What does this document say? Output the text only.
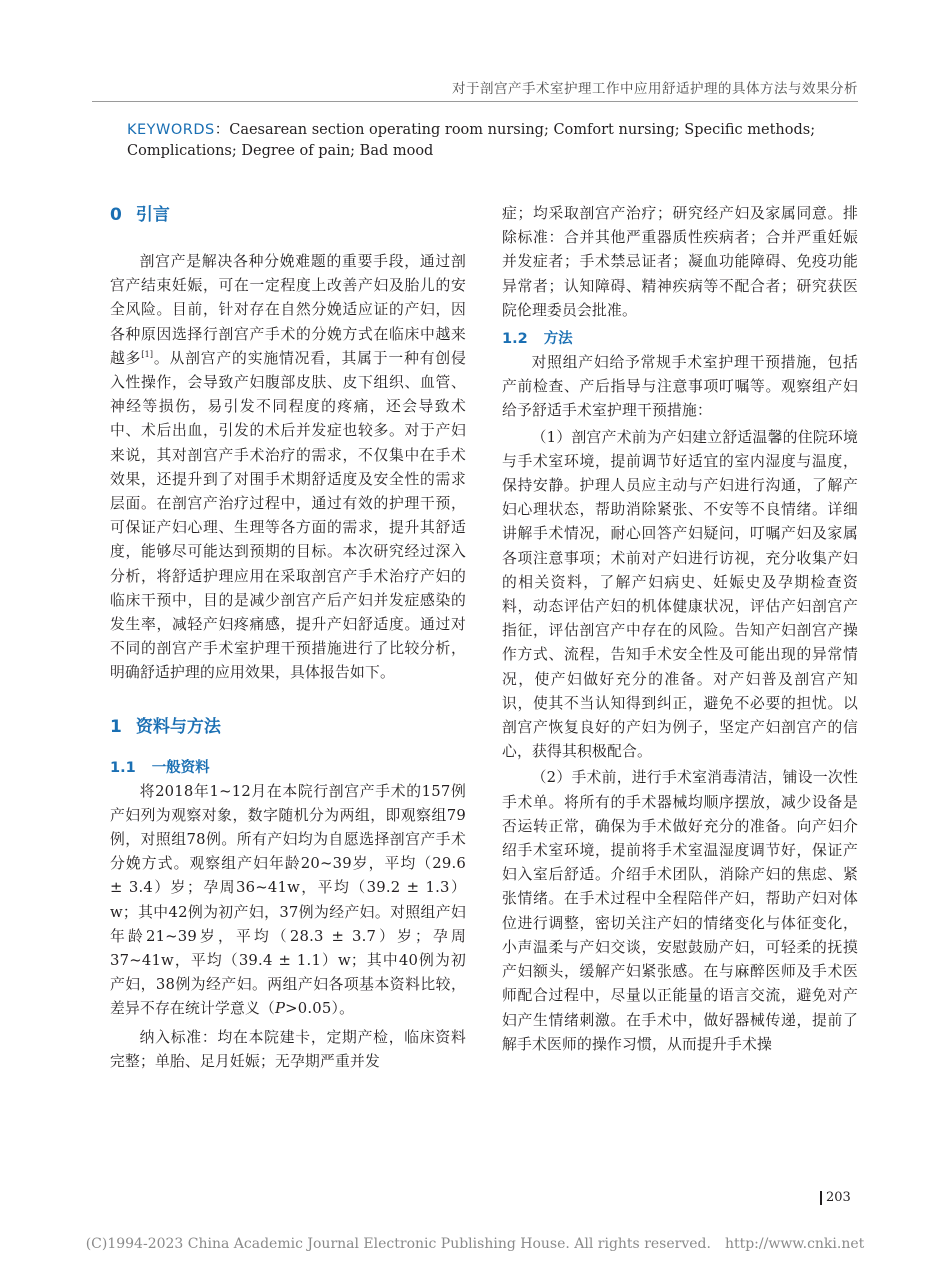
对于剖宫产手术室护理工作中应用舒适护理的具体方法与效果分析
KEYWORDS：Caesarean section operating room nursing; Comfort nursing; Specific methods; Complications; Degree of pain; Bad mood
0 引言

剖宫产是解决各种分娩难题的重要手段，通过剖宫产结束妊娠，可在一定程度上改善产妇及胎儿的安全风险。目前，针对存在自然分娩适应证的产妇，因各种原因选择行剖宫产手术的分娩方式在临床中越来越多[1]。从剖宫产的实施情况看，其属于一种有创侵入性操作，会导致产妇腹部皮肤、皮下组织、血管、神经等损伤，易引发不同程度的疼痛，还会导致术中、术后出血，引发的术后并发症也较多。对于产妇来说，其对剖宫产手术治疗的需求，不仅集中在手术效果，还提升到了对围手术期舒适度及安全性的需求层面。在剖宫产治疗过程中，通过有效的护理干预，可保证产妇心理、生理等各方面的需求，提升其舒适度，能够尽可能达到预期的目标。本次研究经过深入分析，将舒适护理应用在采取剖宫产手术治疗产妇的临床干预中，目的是减少剖宫产后产妇并发症感染的发生率，减轻产妇疼痛感，提升产妇舒适度。通过对不同的剖宫产手术室护理干预措施进行了比较分析，明确舒适护理的应用效果，具体报告如下。

1 资料与方法
1.1 一般资料

将2018年1~12月在本院行剖宫产手术的157例产妇列为观察对象，数字随机分为两组，即观察组79例，对照组78例。所有产妇均为自愿选择剖宫产手术分娩方式。观察组产妇年龄20~39岁，平均（29.6 ± 3.4）岁；孕周36~41w，平均（39.2 ± 1.3）w；其中42例为初产妇，37例为经产妇。对照组产妇年龄21~39岁，平均（28.3 ± 3.7）岁；孕周37~41w，平均（39.4 ± 1.1）w；其中40例为初产妇，38例为经产妇。两组产妇各项基本资料比较，差异不存在统计学意义（P>0.05）。

纳入标准：均在本院建卡，定期产检，临床资料完整；单胎、足月妊娠；无孕期严重并发

症；均采取剖宫产治疗；研究经产妇及家属同意。排除标准：合并其他严重器质性疾病者；合并严重妊娠并发症者；手术禁忌证者；凝血功能障碍、免疫功能异常者；认知障碍、精神疾病等不配合者；研究获医院伦理委员会批准。

1.2 方法

对照组产妇给予常规手术室护理干预措施，包括产前检查、产后指导与注意事项叮嘱等。观察组产妇给予舒适手术室护理干预措施：

（1）剖宫产术前为产妇建立舒适温馨的住院环境与手术室环境，提前调节好适宜的室内湿度与温度，保持安静。护理人员应主动与产妇进行沟通，了解产妇心理状态，帮助消除紧张、不安等不良情绪。详细讲解手术情况，耐心回答产妇疑问，叮嘱产妇及家属各项注意事项；术前对产妇进行访视，充分收集产妇的相关资料，了解产妇病史、妊娠史及孕期检查资料，动态评估产妇的机体健康状况，评估产妇剖宫产指征，评估剖宫产中存在的风险。告知产妇剖宫产操作方式、流程，告知手术安全性及可能出现的异常情况，使产妇做好充分的准备。对产妇普及剖宫产知识，使其不当认知得到纠正，避免不必要的担忧。以剖宫产恢复良好的产妇为例子，坚定产妇剖宫产的信心，获得其积极配合。

（2）手术前，进行手术室消毒清洁，铺设一次性手术单。将所有的手术器械均顺序摆放，减少设备是否运转正常，确保为手术做好充分的准备。向产妇介绍手术室环境，提前将手术室温湿度调节好，保证产妇入室后舒适。介绍手术团队，消除产妇的焦虑、紧张情绪。在手术过程中全程陪伴产妇，帮助产妇对体位进行调整，密切关注产妇的情绪变化与体征变化，小声温柔与产妇交谈，安慰鼓励产妇，可轻柔的抚摸产妇额头，缓解产妇紧张感。在与麻醉医师及手术医师配合过程中，尽量以正能量的语言交流，避免对产妇产生情绪刺激。在手术中，做好器械传递，提前了解手术医师的操作习惯，从而提升手术操

203
(C)1994-2023 China Academic Journal Electronic Publishing House. All rights reserved. http://www.cnki.net
